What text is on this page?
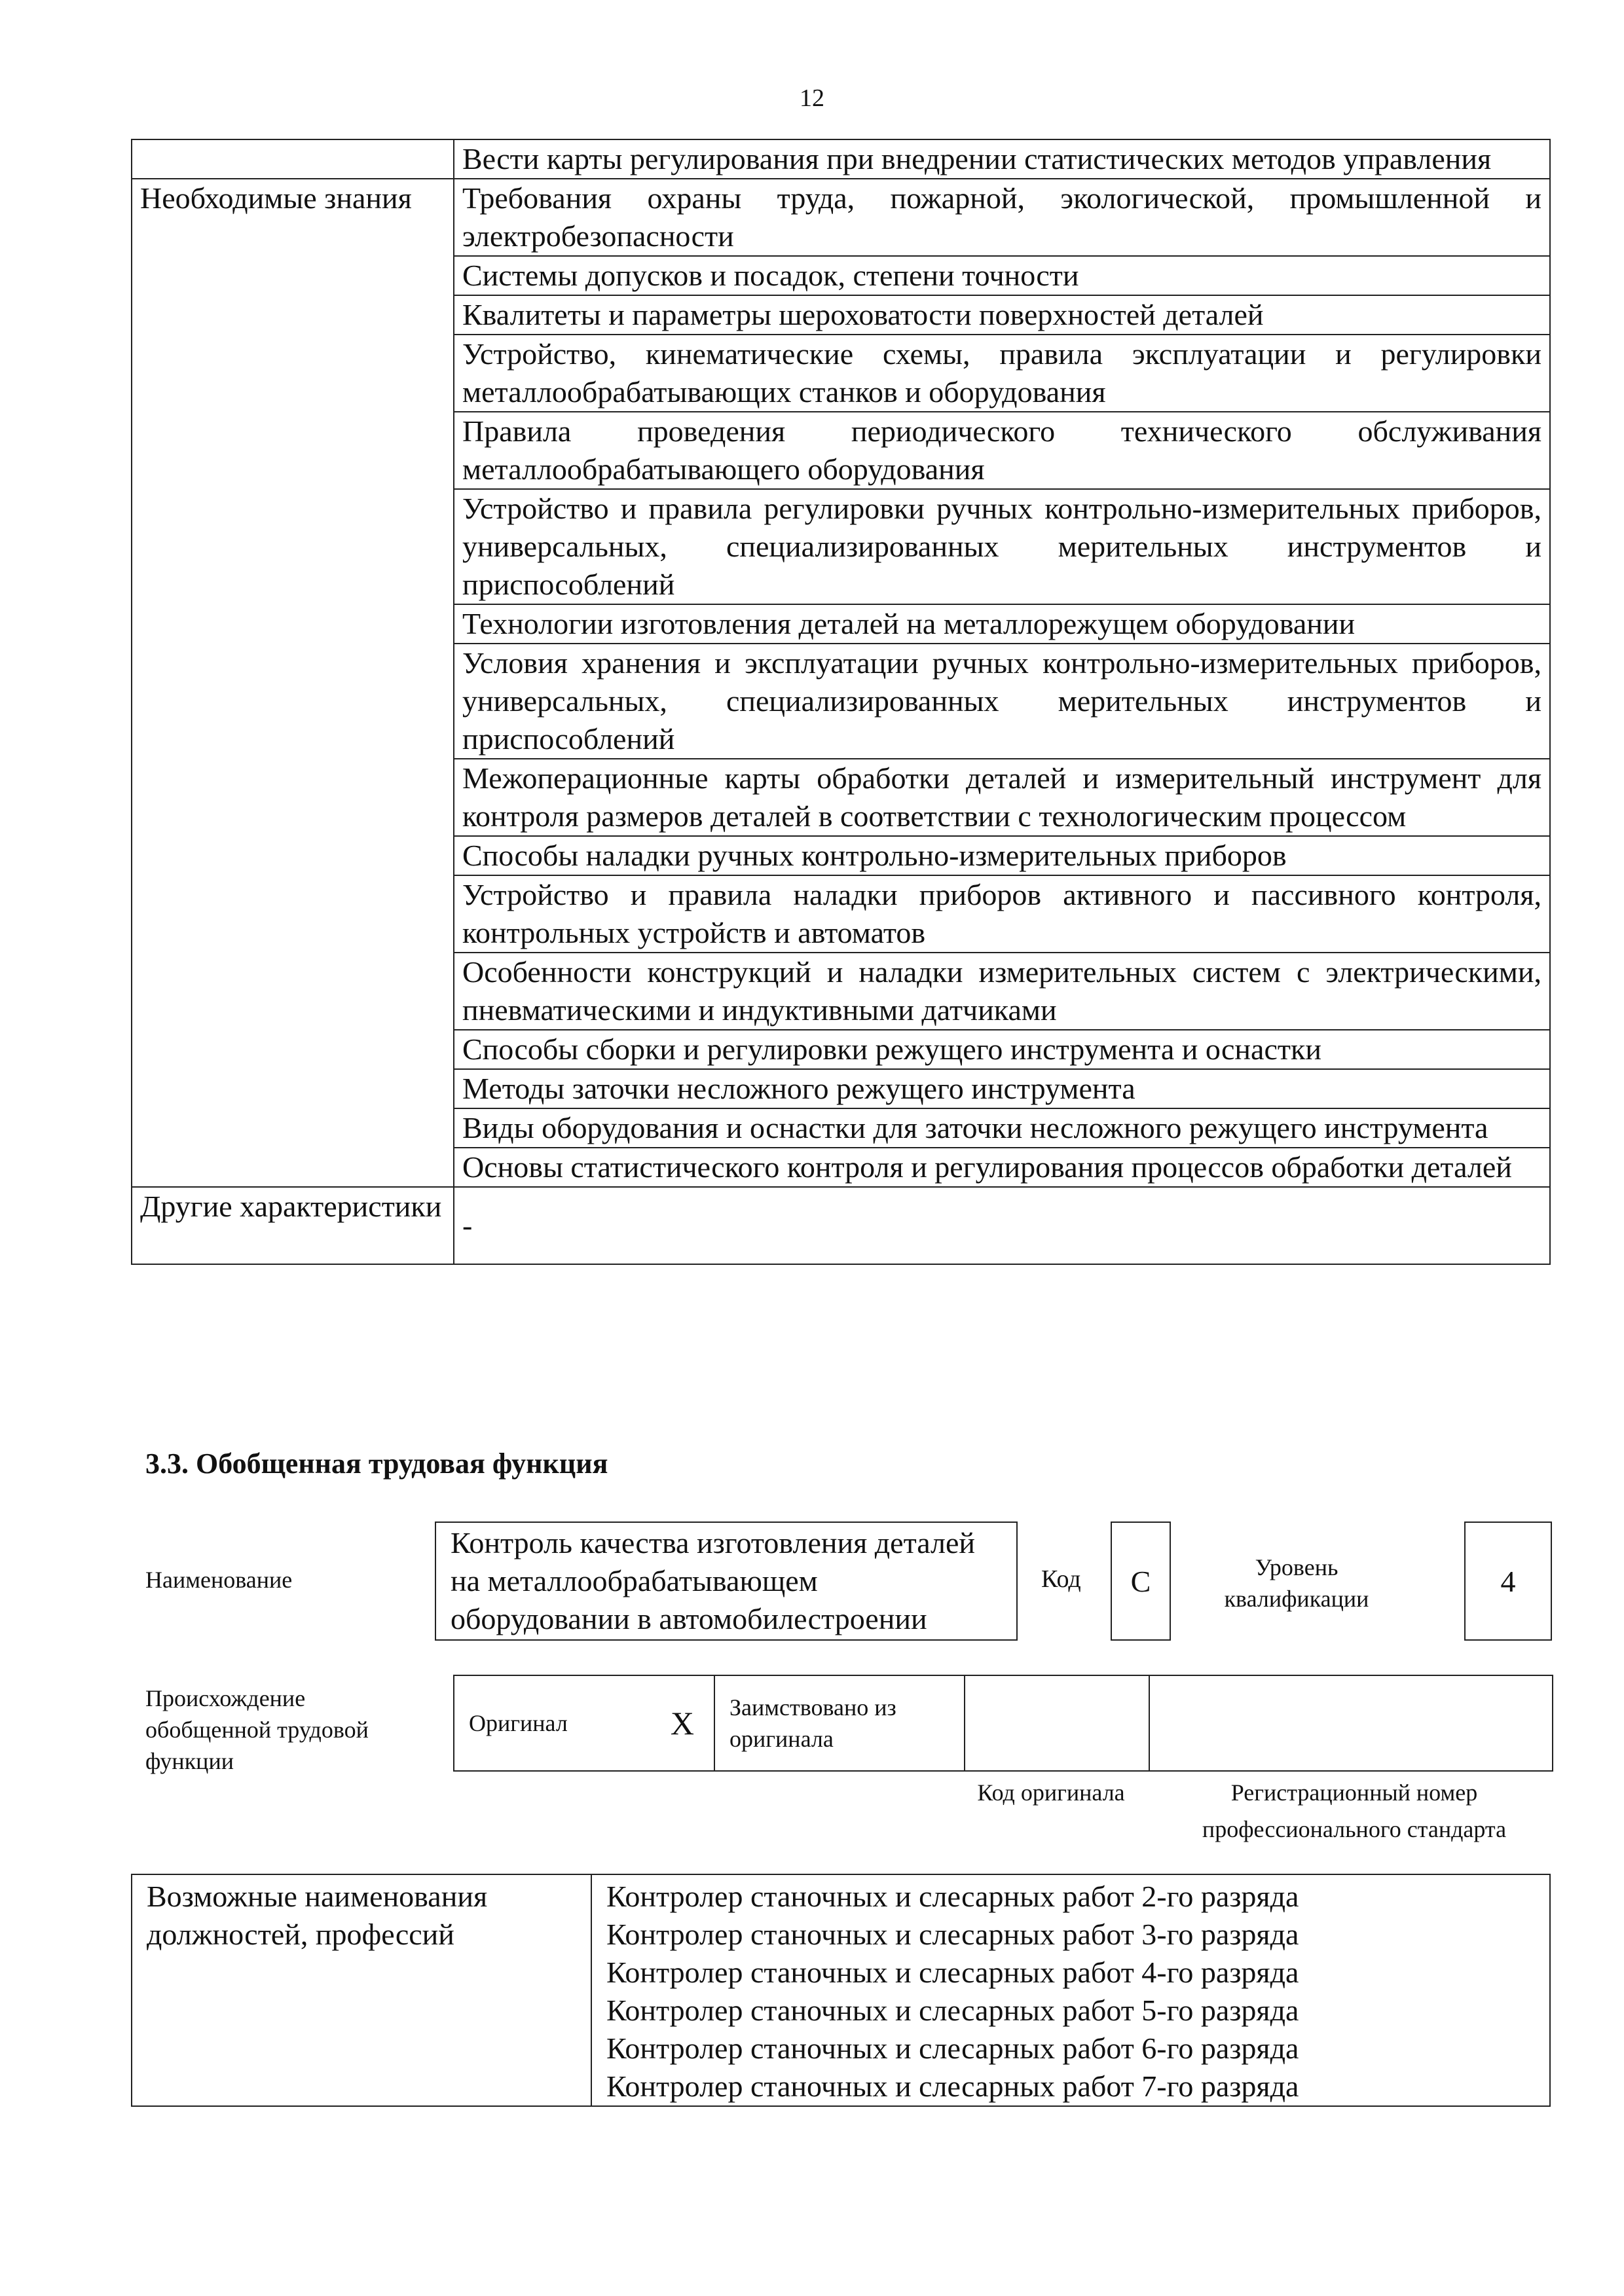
12
	Вести карты регулирования при внедрении статистических методов управления
Необходимые знания	Требования охраны труда, пожарной, экологической, промышленной и электробезопасности
	Системы допусков и посадок, степени точности
	Квалитеты и параметры шероховатости поверхностей деталей
	Устройство, кинематические схемы, правила эксплуатации и регулировки металлообрабатывающих станков и оборудования
	Правила проведения периодического технического обслуживания металлообрабатывающего оборудования
	Устройство и правила регулировки ручных контрольно-измерительных приборов, универсальных, специализированных мерительных инструментов и приспособлений
	Технологии изготовления деталей на металлорежущем оборудовании
	Условия хранения и эксплуатации ручных контрольно-измерительных приборов, универсальных, специализированных мерительных инструментов и приспособлений
	Межоперационные карты обработки деталей и измерительный инструмент для контроля размеров деталей в соответствии с технологическим процессом
	Способы наладки ручных контрольно-измерительных приборов
	Устройство и правила наладки приборов активного и пассивного контроля, контрольных устройств и автоматов
	Особенности конструкций и наладки измерительных систем с электрическими, пневматическими и индуктивными датчиками
	Способы сборки и регулировки режущего инструмента и оснастки
	Методы заточки несложного режущего инструмента
	Виды оборудования и оснастки для заточки несложного режущего инструмента
	Основы статистического контроля и регулирования процессов обработки деталей
Другие характеристики	-
3.3. Обобщенная трудовая функция
Наименование
Контроль качества изготовления деталей на металлообрабатывающем оборудовании в автомобилестроении
Код	C	Уровень квалификации
4
Происхождение обобщенной трудовой функции
Оригинал	X	Заимствовано из оригинала		
Код оригинала	Регистрационный номер профессионального стандарта
Возможные наименования должностей, профессий	
Контролер станочных и слесарных работ 2-го разряда
Контролер станочных и слесарных работ 3-го разряда
Контролер станочных и слесарных работ 4-го разряда
Контролер станочных и слесарных работ 5-го разряда
Контролер станочных и слесарных работ 6-го разряда
Контролер станочных и слесарных работ 7-го разряда
